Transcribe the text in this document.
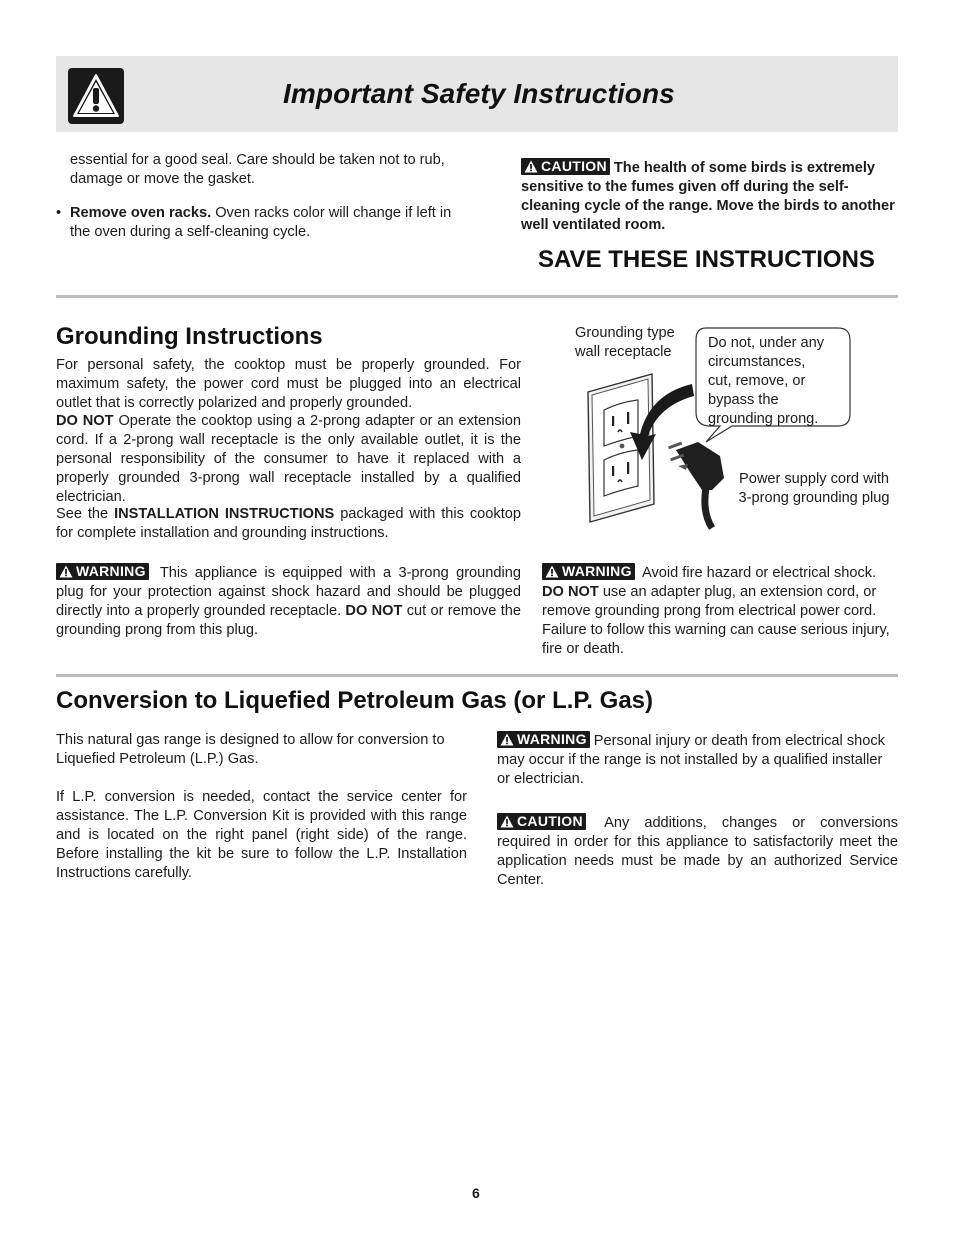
Important Safety Instructions
essential for a good seal. Care should be taken not to rub, damage or move the gasket.
• Remove oven racks. Oven racks color will change if left in the oven during a self-cleaning cycle.
CAUTION The health of some birds is extremely sensitive to the fumes given off during the self-cleaning cycle of the range. Move the birds to another well ventilated room.
SAVE THESE INSTRUCTIONS
Grounding Instructions
For personal safety, the cooktop must be properly grounded. For maximum safety, the power cord must be plugged into an electrical outlet that is correctly polarized and properly grounded.
DO NOT Operate the cooktop using a 2-prong adapter or an extension cord. If a 2-prong wall receptacle is the only available outlet, it is the personal responsibility of the consumer to have it replaced with a properly grounded 3-prong wall receptacle installed by a qualified electrician.
See the INSTALLATION INSTRUCTIONS packaged with this cooktop for complete installation and grounding instructions.
WARNING This appliance is equipped with a 3-prong grounding plug for your protection against shock hazard and should be plugged directly into a properly grounded receptacle. DO NOT cut or remove the grounding prong from this plug.
Grounding type
wall receptacle
Do not, under any
circumstances,
cut, remove, or
bypass the
grounding prong.
Power supply cord with
3-prong grounding plug
WARNING Avoid fire hazard or electrical shock. DO NOT use an adapter plug, an extension cord, or remove grounding prong from electrical power cord. Failure to follow this warning can cause serious injury, fire or death.
Conversion to Liquefied Petroleum Gas (or L.P. Gas)
This natural gas range is designed to allow for conversion to Liquefied Petroleum (L.P.) Gas.
If L.P. conversion is needed, contact the service center for assistance. The L.P. Conversion Kit is provided with this range and is located on the right panel (right side) of the range. Before installing the kit be sure to follow the L.P. Installation Instructions carefully.
WARNING Personal injury or death from electrical shock may occur if the range is not installed by a qualified installer or electrician.
CAUTION Any additions, changes or conversions required in order for this appliance to satisfactorily meet the application needs must be made by an authorized Service Center.
6
